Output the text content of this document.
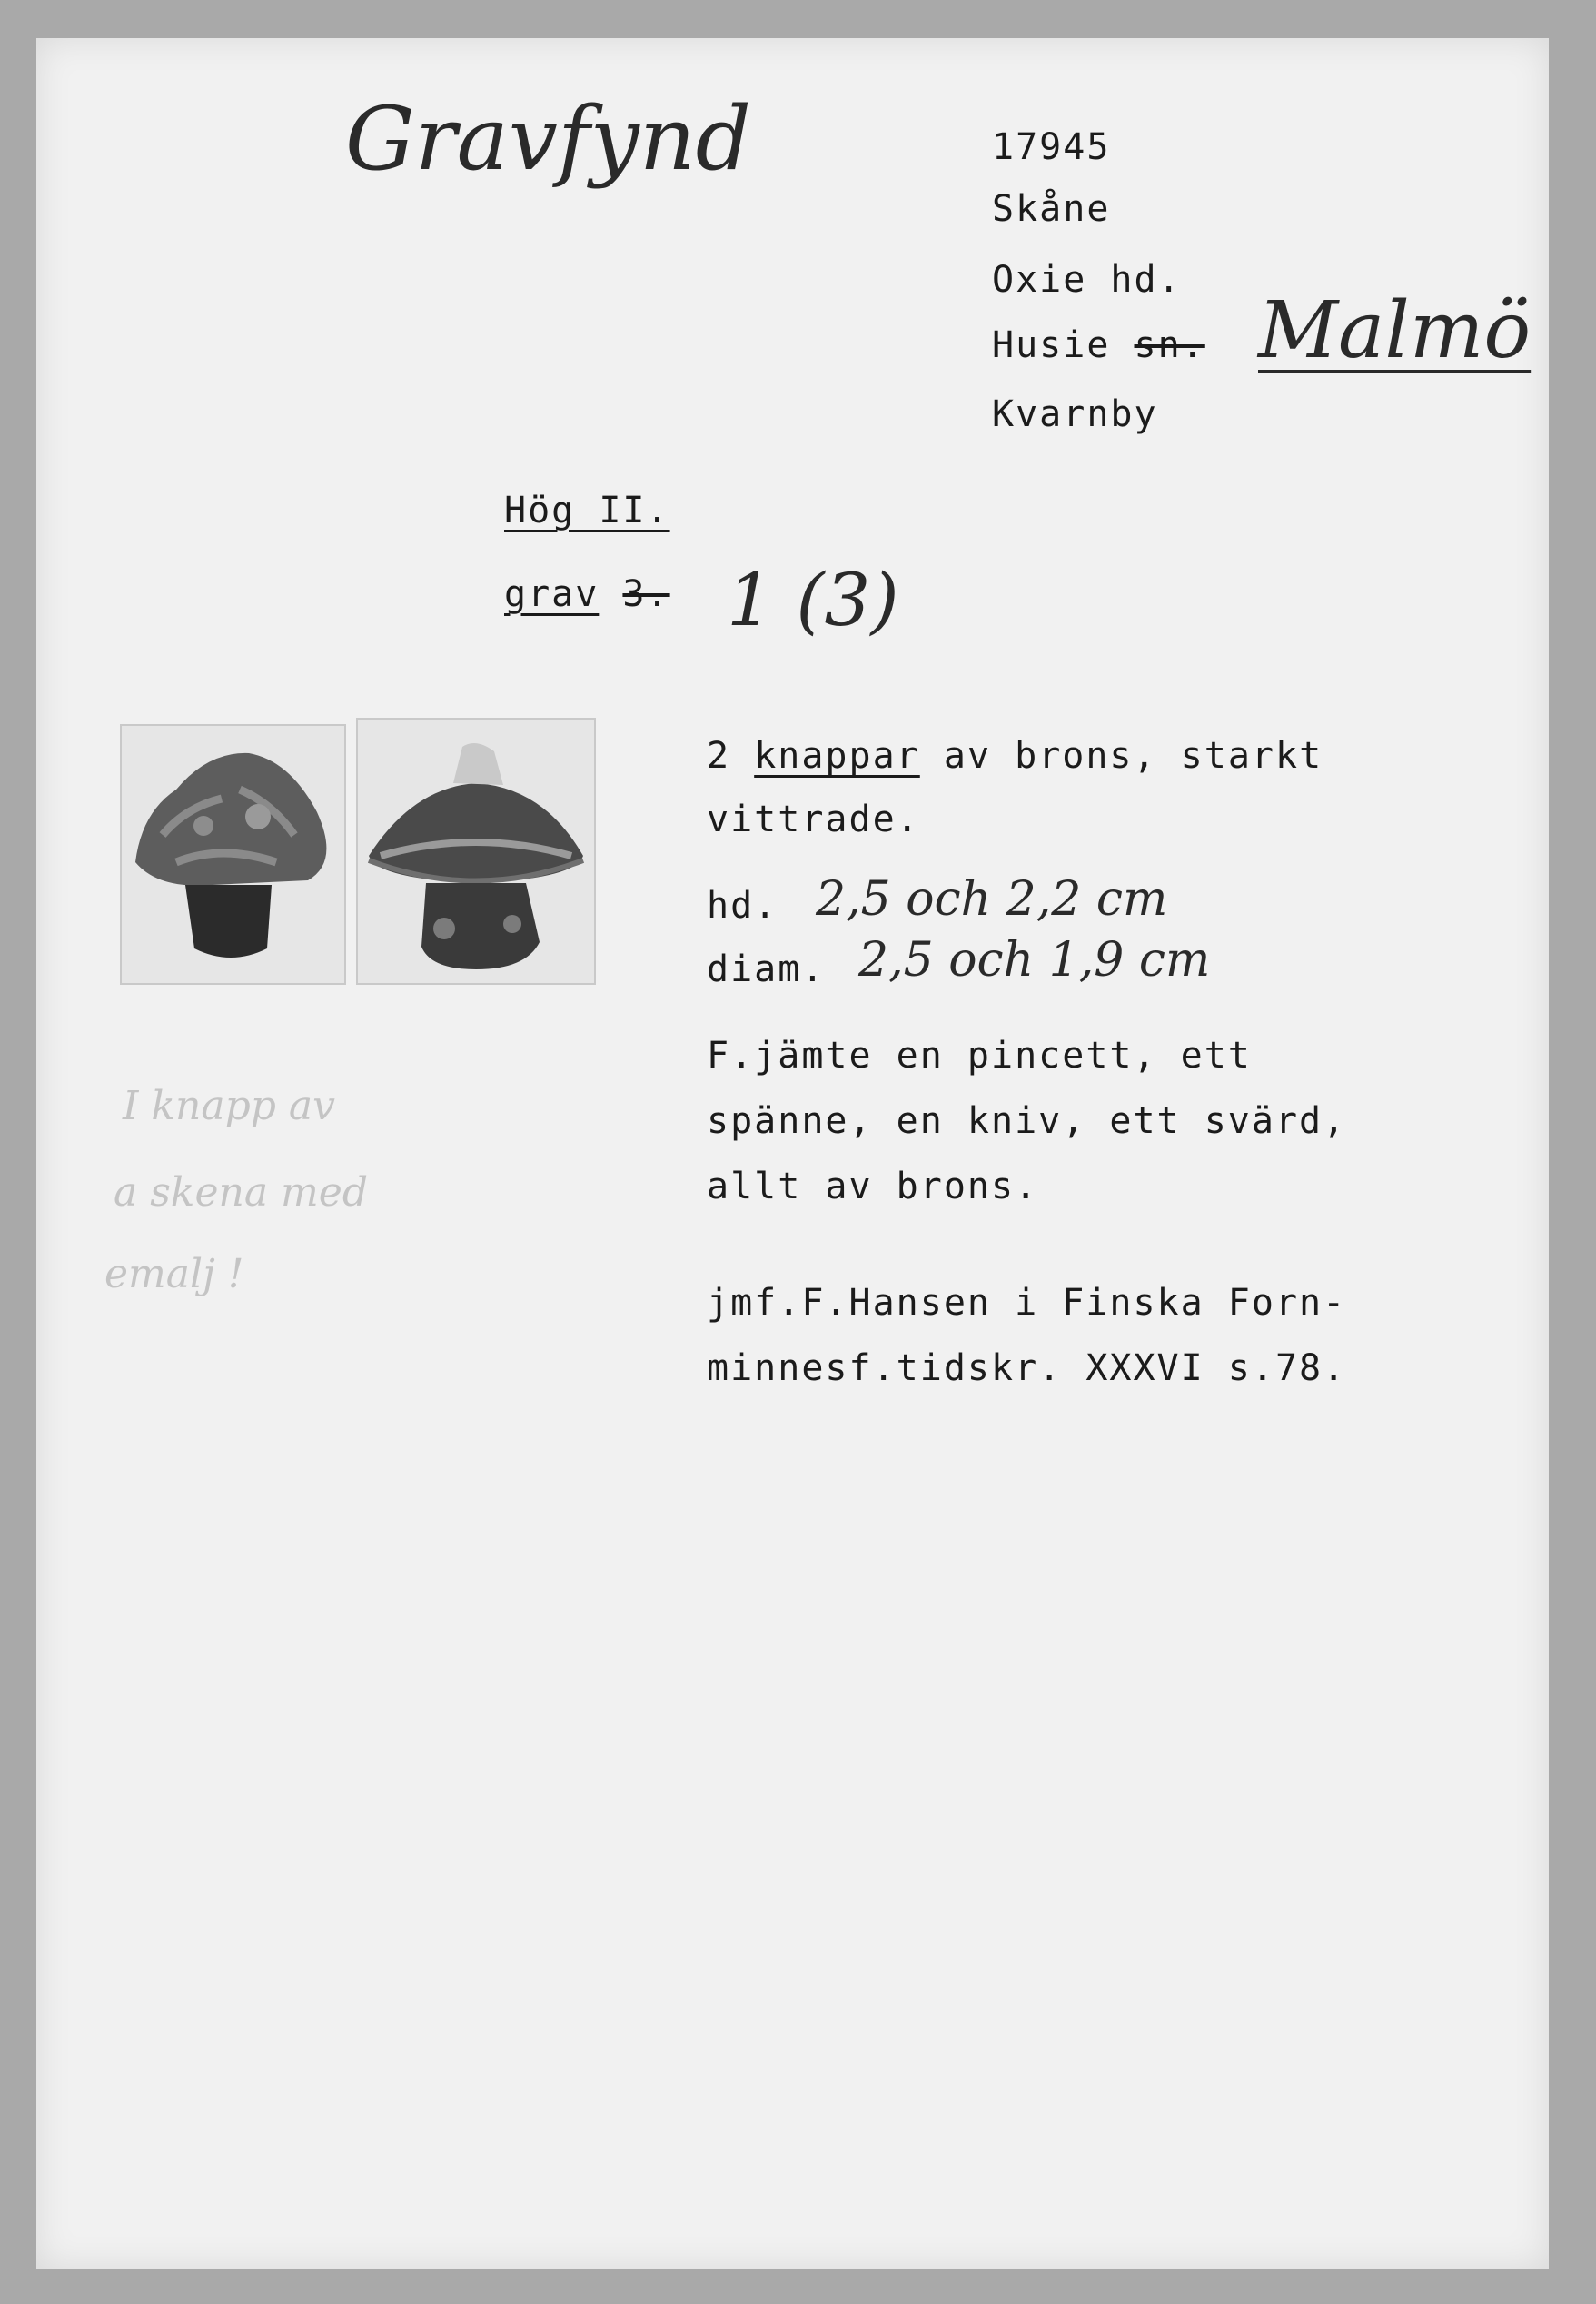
Gravfynd	17945
Skåne
Oxie hd.
Husie sn. Malmö
Kvarnby
Hög II.
grav 3. 1 (3)
2 knappar av brons, starkt
vittrade.
hd. 2,5 och 2,2 cm
diam. 2,5 och 1,9 cm
F.jämte en pincett, ett
spänne, en kniv, ett svärd,
allt av brons.
jmf.F.Hansen i Finska Forn-
minnesf.tidskr. XXXVI s.78.
I knapp av
a skena med
emalj !
